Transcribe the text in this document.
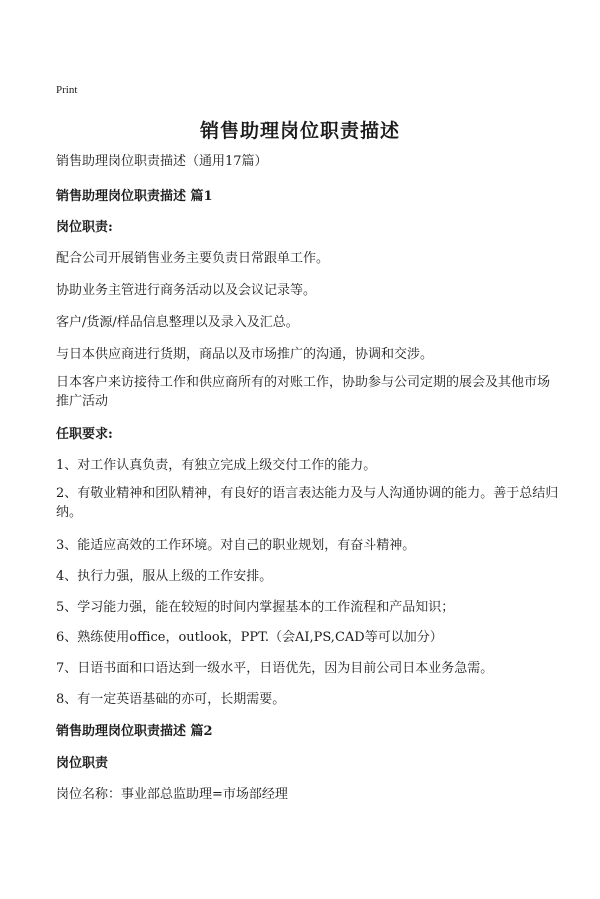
Print
销售助理岗位职责描述
销售助理岗位职责描述（通用17篇）
销售助理岗位职责描述 篇1
岗位职责:
配合公司开展销售业务主要负责日常跟单工作。
协助业务主管进行商务活动以及会议记录等。
客户/货源/样品信息整理以及录入及汇总。
与日本供应商进行货期，商品以及市场推广的沟通，协调和交涉。
日本客户来访接待工作和供应商所有的对账工作，协助参与公司定期的展会及其他市场推广活动
任职要求:
1、对工作认真负责，有独立完成上级交付工作的能力。
2、有敬业精神和团队精神，有良好的语言表达能力及与人沟通协调的能力。善于总结归纳。
3、能适应高效的工作环境。对自己的职业规划，有奋斗精神。
4、执行力强，服从上级的工作安排。
5、学习能力强，能在较短的时间内掌握基本的工作流程和产品知识；
6、熟练使用office，outlook，PPT.（会AI,PS,CAD等可以加分）
7、日语书面和口语达到一级水平，日语优先，因为目前公司日本业务急需。
8、有一定英语基础的亦可，长期需要。
销售助理岗位职责描述 篇2
岗位职责
岗位名称：事业部总监助理=市场部经理
